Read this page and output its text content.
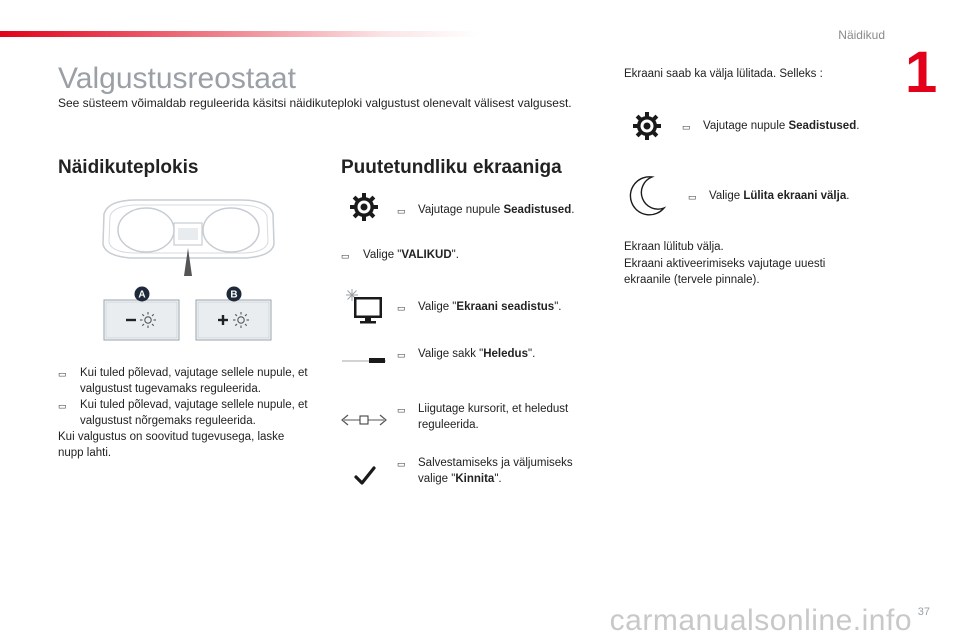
Näidikud
1
Valgustusreostaat
See süsteem võimaldab reguleerida käsitsi näidikuteploki valgustust olenevalt välisest valgusest.
Näidikuteplokis
A	B
▭	Kui tuled põlevad, vajutage sellele nupule, et valgustust tugevamaks reguleerida.
▭	Kui tuled põlevad, vajutage sellele nupule, et valgustust nõrgemaks reguleerida.
Kui valgustus on soovitud tugevusega, laske nupp lahti.
Puutetundliku ekraaniga
▭	Vajutage nupule Seadistused.
▭	Valige "VALIKUD".
▭	Valige "Ekraani seadistus".
▭	Valige sakk "Heledus".
▭	Liigutage kursorit, et heledust reguleerida.
▭	Salvestamiseks ja väljumiseks valige "Kinnita".
Ekraani saab ka välja lülitada. Selleks :
▭	Vajutage nupule Seadistused.
▭	Valige Lülita ekraani välja.
Ekraan lülitub välja.
Ekraani aktiveerimiseks vajutage uuesti ekraanile (tervele pinnale).
carmanualsonline.info 37
